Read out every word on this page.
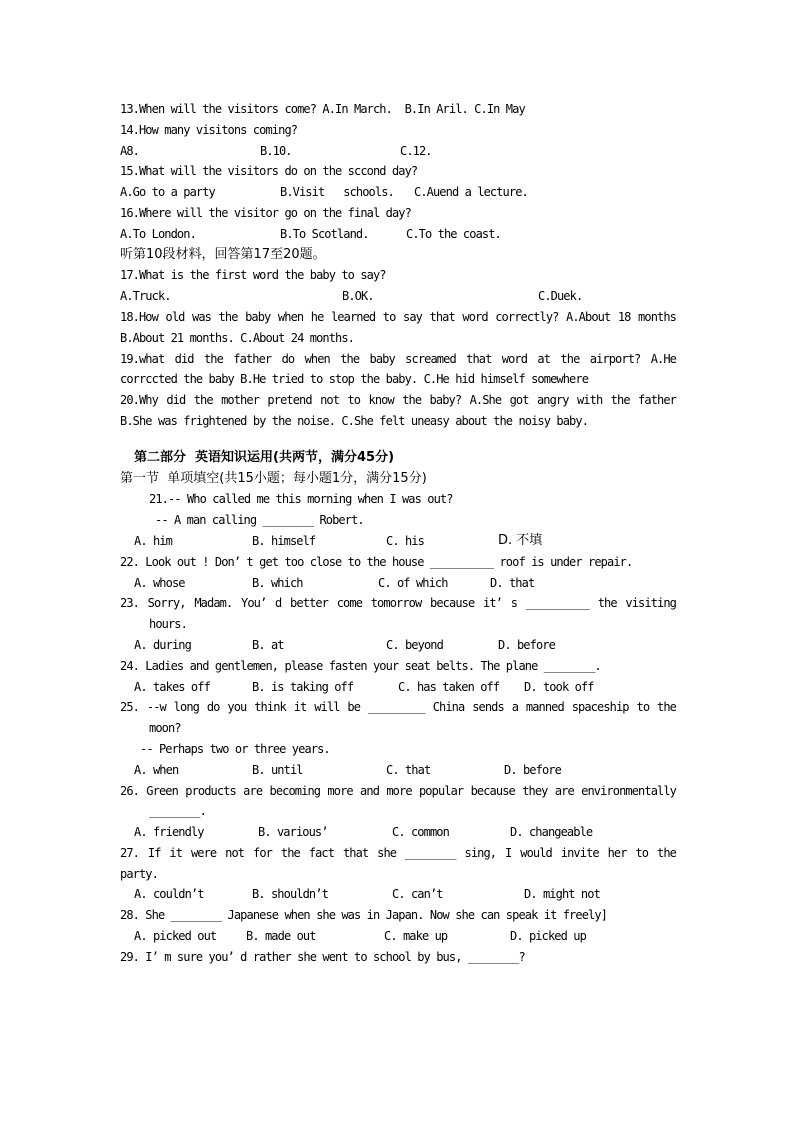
13.When will the visitors come? A.In March.  B.In Aril. C.In May
14.How many visitons coming?
A8.	B.10.	C.12.
15.What will the visitors do on the sccond day?
A.Go to a party	B.Visit   schools. C.Auend a lecture.
16.Where will the visitor go on the final day?
A.To London.	B.To Scotland.	C.To the coast.
听第10段材料，回答第17至20题。
17.What is the first word the baby to say?
A.Truck.	B.OK.	C.Duek.
18.How old was the baby when he learned to say that word correctly? A.About 18 months B.About 21 months. C.About 24 months.
19.what did the father do when the baby screamed that word at the airport? A.He corrccted the baby B.He tried to stop the baby. C.He hid himself somewhere
20.Why did the mother pretend not to know the baby? A.She got angry with the father B.She was frightened by the noise. C.She felt uneasy about the noisy baby.
第二部分  英语知识运用(共两节，满分45分)
第一节  单项填空(共15小题；每小题1分，满分15分)
21.-- Who called me this morning when I was out?
-- A man calling ________ Robert.
A. him	B. himself	C. his	D. 不填
22. Look out ! Don’ t get too close to the house __________ roof is under repair.
A. whose	B. which	C. of which	D. that
23. Sorry, Madam. You’ d better come tomorrow because it’ s __________ the visiting hours.
A. during	B. at	C. beyond	D. before
24. Ladies and gentlemen, please fasten your seat belts. The plane ________.
A. takes off	B. is taking off	C. has taken off	D. took off
25. --w long do you think it will be _________ China sends a manned spaceship to the moon?
-- Perhaps two or three years.
A. when	B. until	C. that	D. before
26. Green products are becoming more and more popular because they are environmentally ________.
A. friendly	B. various’	C. common	D. changeable
27. If it were not for the fact that she ________ sing, I would invite her to the party.
A. couldn’t	B. shouldn’t	C. can’t	D. might not
28. She ________ Japanese when she was in Japan. Now she can speak it freely]
A. picked out	B. made out	C. make up	D. picked up
29. I’ m sure you’ d rather she went to school by bus, ________?
